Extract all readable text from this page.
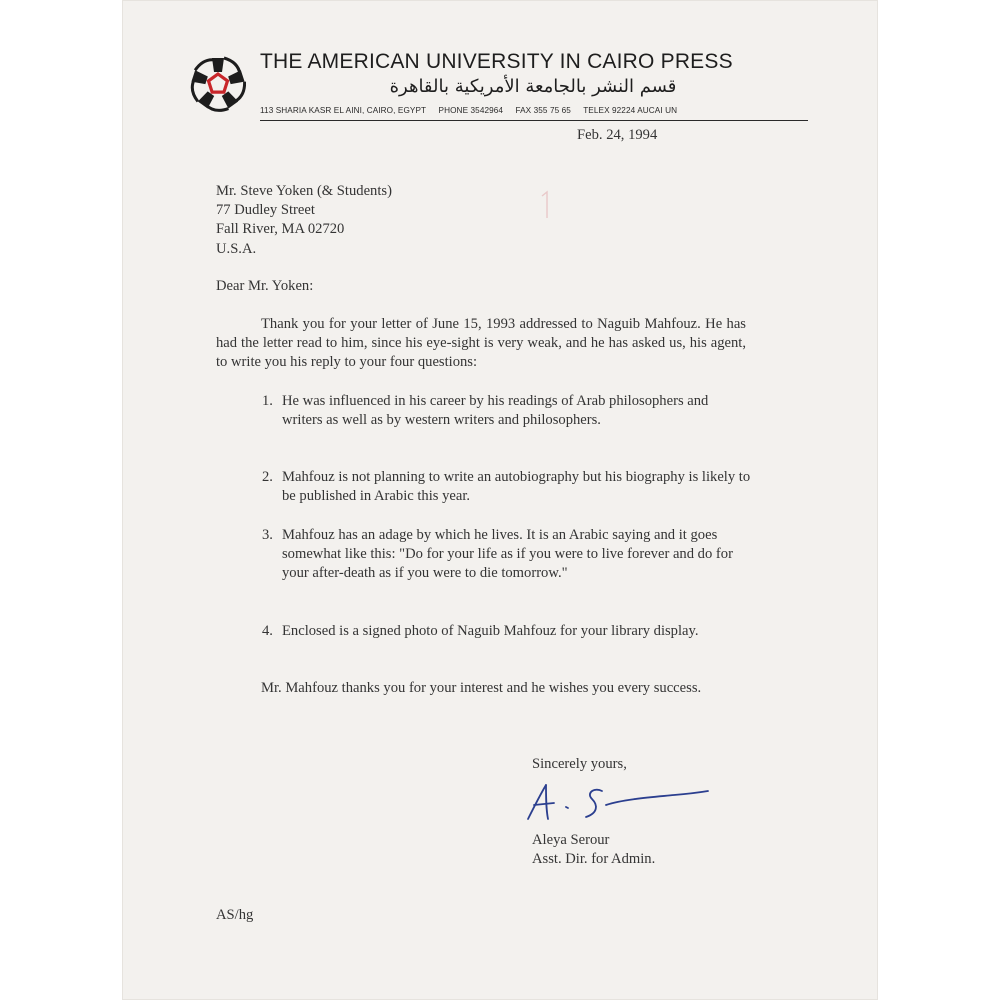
THE AMERICAN UNIVERSITY IN CAIRO PRESS
قسم النشر بالجامعة الأمريكية بالقاهرة
113 SHARIA KASR EL AINI, CAIRO, EGYPT PHONE 3542964 FAX 355 75 65 TELEX 92224 AUCAI UN
Feb. 24, 1994
Mr. Steve Yoken (& Students)
77 Dudley Street
Fall River, MA 02720
U.S.A.
Dear Mr. Yoken:
Thank you for your letter of June 15, 1993 addressed to Naguib Mahfouz. He has had the letter read to him, since his eye-sight is very weak, and he has asked us, his agent, to write you his reply to your four questions:
1. He was influenced in his career by his readings of Arab philosophers and writers as well as by western writers and philosophers.
2. Mahfouz is not planning to write an autobiography but his biography is likely to be published in Arabic this year.
3. Mahfouz has an adage by which he lives. It is an Arabic saying and it goes somewhat like this: "Do for your life as if you were to live forever and do for your after-death as if you were to die tomorrow."
4. Enclosed is a signed photo of Naguib Mahfouz for your library display.
Mr. Mahfouz thanks you for your interest and he wishes you every success.
Sincerely yours,
Aleya Serour
Asst. Dir. for Admin.
AS/hg
